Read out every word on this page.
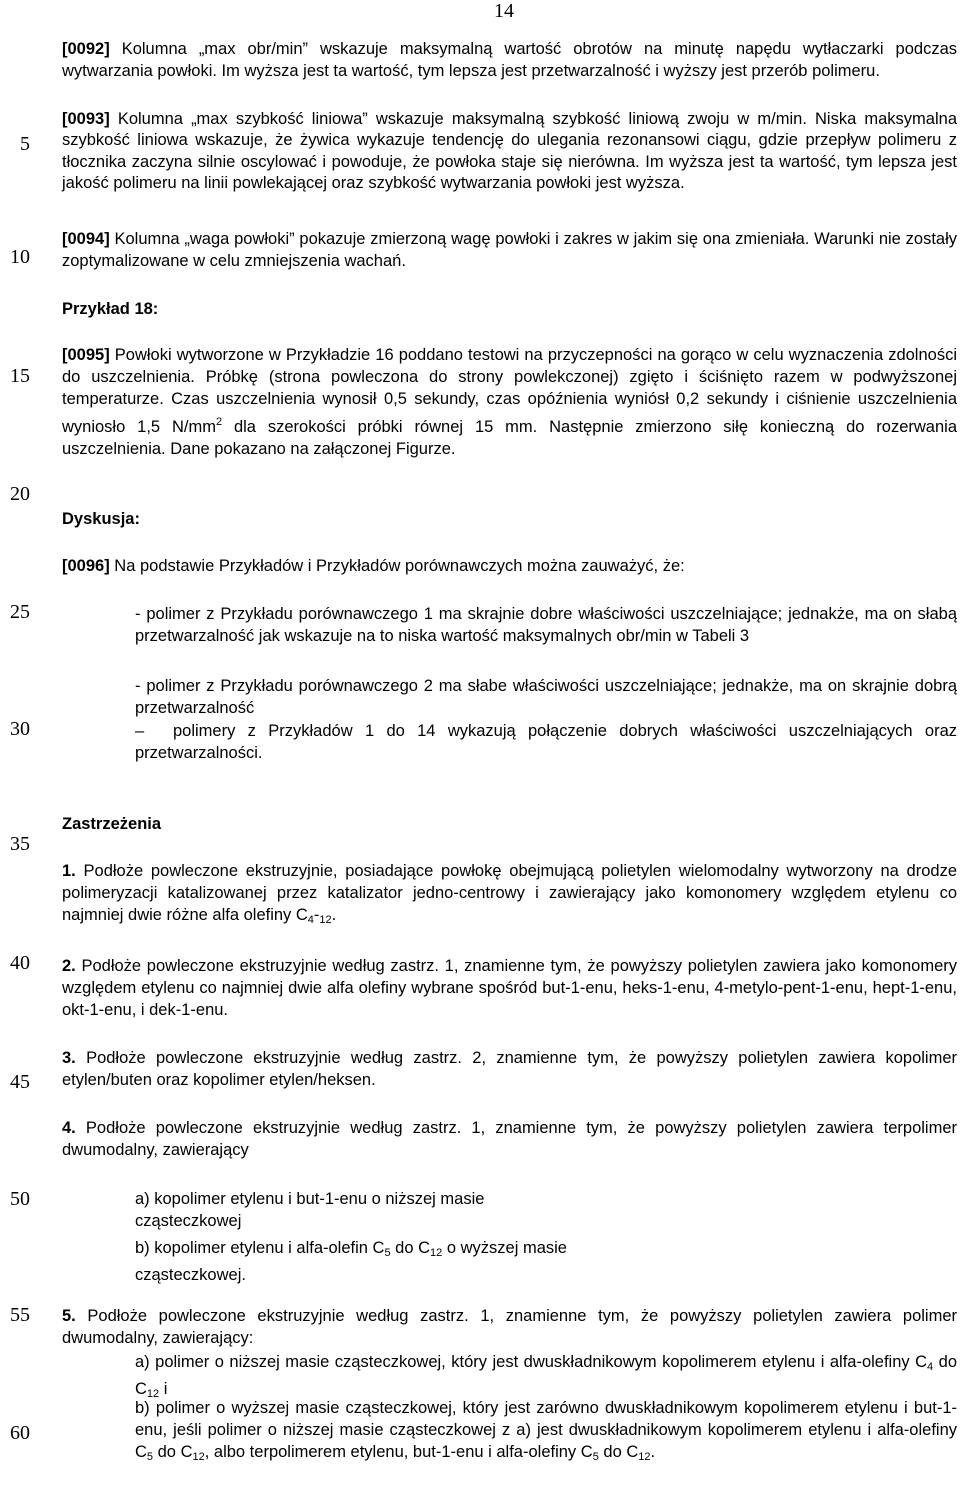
14
5
10
15
20
25
30
35
40
45
50
55
60

[0092] Kolumna „max obr/min” wskazuje maksymalną wartość obrotów na minutę napędu wytłaczarki podczas wytwarzania powłoki. Im wyższa jest ta wartość, tym lepsza jest przetwarzalność i wyższy jest przerób polimeru.

[0093] Kolumna „max szybkość liniowa” wskazuje maksymalną szybkość liniową zwoju w m/min. Niska maksymalna szybkość liniowa wskazuje, że żywica wykazuje tendencję do ulegania rezonansowi ciągu, gdzie przepływ polimeru z tłocznika zaczyna silnie oscylować i powoduje, że powłoka staje się nierówna. Im wyższa jest ta wartość, tym lepsza jest jakość polimeru na linii powlekającej oraz szybkość wytwarzania powłoki jest wyższa.

[0094] Kolumna „waga powłoki” pokazuje zmierzoną wagę powłoki i zakres w jakim się ona zmieniała. Warunki nie zostały zoptymalizowane w celu zmniejszenia wachań.

Przykład 18:

[0095] Powłoki wytworzone w Przykładzie 16 poddano testowi na przyczepności na gorąco w celu wyznaczenia zdolności do uszczelnienia. Próbkę (strona powleczona do strony powlekczonej) zgięto i ściśnięto razem w podwyższonej temperaturze. Czas uszczelnienia wynosił 0,5 sekundy, czas opóźnienia wyniósł 0,2 sekundy i ciśnienie uszczelnienia wyniosło 1,5 $N/mm^2$ dla szerokości próbki równej 15 mm. Następnie zmierzono siłę konieczną do rozerwania uszczelnienia. Dane pokazano na załączonej Figurze.

Dyskusja:

[0096] Na podstawie Przykładów i Przykładów porównawczych można zauważyć, że:

- polimer z Przykładu porównawczego 1 ma skrajnie dobre właściwości uszczelniające; jednakże, ma on słabą przetwarzalność jak wskazuje na to niska wartość maksymalnych obr/min w Tabeli 3

- polimer z Przykładu porównawczego 2 ma słabe właściwości uszczelniające; jednakże, ma on skrajnie dobrą przetwarzalność

– polimery z Przykładów 1 do 14 wykazują połączenie dobrych właściwości uszczelniających oraz przetwarzalności.

Zastrzeżenia

1. Podłoże powleczone ekstruzyjnie, posiadające powłokę obejmującą polietylen wielomodalny wytworzony na drodze polimeryzacji katalizowanej przez katalizator jedno-centrowy i zawierający jako komonomery względem etylenu co najmniej dwie różne alfa olefiny $C_4-_{12}$.

2. Podłoże powleczone ekstruzyjnie według zastrz. 1, znamienne tym, że powyższy polietylen zawiera jako komonomery względem etylenu co najmniej dwie alfa olefiny wybrane spośród but-1-enu, heks-1-enu, 4-metylo-pent-1-enu, hept-1-enu, okt-1-enu, i dek-1-enu.

3. Podłoże powleczone ekstruzyjnie według zastrz. 2, znamienne tym, że powyższy polietylen zawiera kopolimer etylen/buten oraz kopolimer etylen/heksen.

4. Podłoże powleczone ekstruzyjnie według zastrz. 1, znamienne tym, że powyższy polietylen zawiera terpolimer dwumodalny, zawierający

a) kopolimer etylenu i but-1-enu o niższej masie cząsteczkowej

b) kopolimer etylenu i alfa-olefin $C_5$ do $C_{12}$ o wyższej masie cząsteczkowej.

5. Podłoże powleczone ekstruzyjnie według zastrz. 1, znamienne tym, że powyższy polietylen zawiera polimer dwumodalny, zawierający:

a) polimer o niższej masie cząsteczkowej, który jest dwuskładnikowym kopolimerem etylenu i alfa-olefiny $C_4$ do $C_{12}$ i

b) polimer o wyższej masie cząsteczkowej, który jest zarówno dwuskładnikowym kopolimerem etylenu i but-1-enu, jeśli polimer o niższej masie cząsteczkowej z a) jest dwuskładnikowym kopolimerem etylenu i alfa-olefiny $C_5$ do $C_{12}$, albo terpolimerem etylenu, but-1-enu i alfa-olefiny $C_5$ do $C_{12}$.
